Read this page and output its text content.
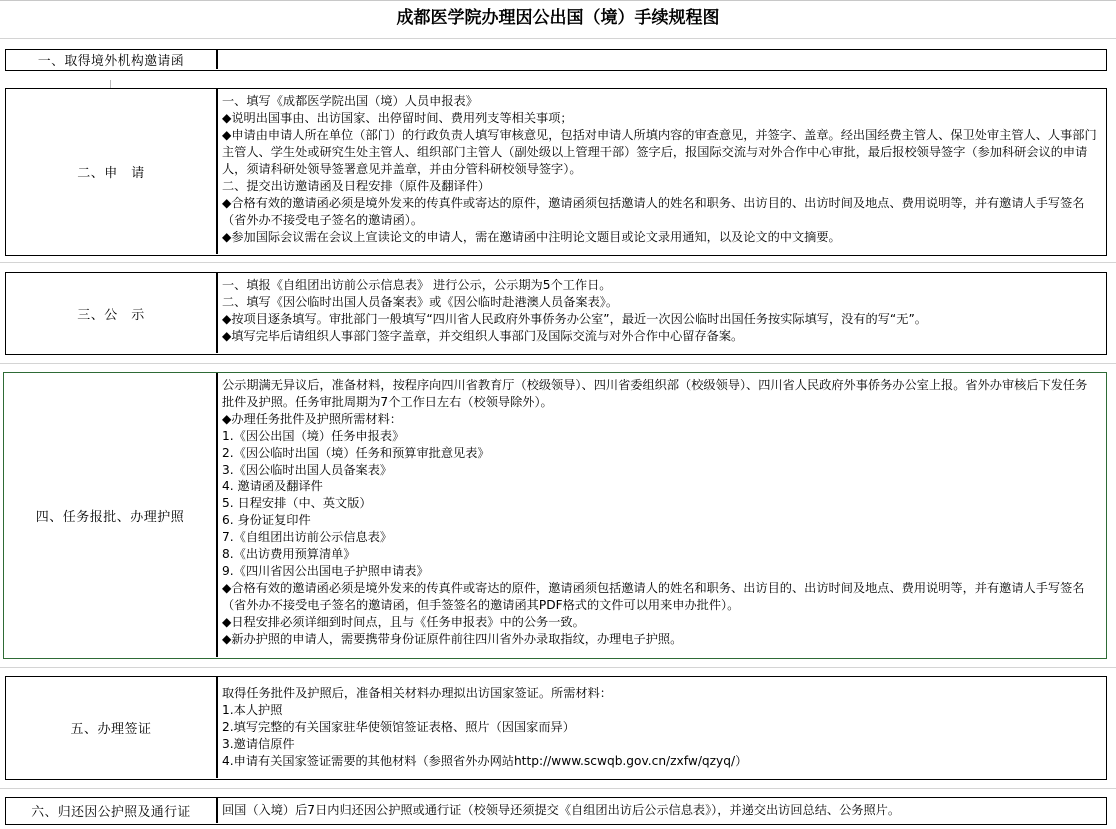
成都医学院办理因公出国（境）手续规程图
一、取得境外机构邀请函
二、申　请
一、填写《成都医学院出国（境）人员申报表》
◆说明出国事由、出访国家、出停留时间、费用列支等相关事项；
◆申请由申请人所在单位（部门）的行政负责人填写审核意见，包括对申请人所填内容的审查意见，并签字、盖章。经出国经费主管人、保卫处审主管人、人事部门主管人、学生处或研究生处主管人、组织部门主管人（副处级以上管理干部）签字后，报国际交流与对外合作中心审批，最后报校领导签字（参加科研会议的申请人，须请科研处领导签署意见并盖章，并由分管科研校领导签字）。
二、提交出访邀请函及日程安排（原件及翻译件）
◆合格有效的邀请函必须是境外发来的传真件或寄达的原件，邀请函须包括邀请人的姓名和职务、出访目的、出访时间及地点、费用说明等，并有邀请人手写签名（省外办不接受电子签名的邀请函）。
◆参加国际会议需在会议上宣读论文的申请人，需在邀请函中注明论文题目或论文录用通知，以及论文的中文摘要。
三、公　示
一、填报《自组团出访前公示信息表》 进行公示，公示期为5个工作日。
二、填写《因公临时出国人员备案表》或《因公临时赴港澳人员备案表》。
◆按项目逐条填写。审批部门一般填写“四川省人民政府外事侨务办公室”，最近一次因公临时出国任务按实际填写，没有的写“无”。
◆填写完毕后请组织人事部门签字盖章，并交组织人事部门及国际交流与对外合作中心留存备案。
四、任务报批、办理护照
公示期满无异议后，准备材料，按程序向四川省教育厅（校级领导）、四川省委组织部（校级领导）、四川省人民政府外事侨务办公室上报。省外办审核后下发任务批件及护照。任务审批周期为7个工作日左右（校领导除外）。
◆办理任务批件及护照所需材料：
1.《因公出国（境）任务申报表》
2.《因公临时出国（境）任务和预算审批意见表》
3.《因公临时出国人员备案表》
4. 邀请函及翻译件
5. 日程安排（中、英文版）
6. 身份证复印件
7.《自组团出访前公示信息表》
8.《出访费用预算清单》
9.《四川省因公出国电子护照申请表》
◆合格有效的邀请函必须是境外发来的传真件或寄达的原件，邀请函须包括邀请人的姓名和职务、出访目的、出访时间及地点、费用说明等，并有邀请人手写签名（省外办不接受电子签名的邀请函，但手签签名的邀请函其PDF格式的文件可以用来申办批件）。
◆日程安排必须详细到时间点，且与《任务申报表》中的公务一致。
◆新办护照的申请人，需要携带身份证原件前往四川省外办录取指纹，办理电子护照。
五、办理签证
取得任务批件及护照后，准备相关材料办理拟出访国家签证。所需材料：
1.本人护照
2.填写完整的有关国家驻华使领馆签证表格、照片（因国家而异）
3.邀请信原件
4.申请有关国家签证需要的其他材料（参照省外办网站http://www.scwqb.gov.cn/zxfw/qzyq/）
六、归还因公护照及通行证	回国（入境）后7日内归还因公护照或通行证（校领导还须提交《自组团出访后公示信息表》），并递交出访回总结、公务照片。
